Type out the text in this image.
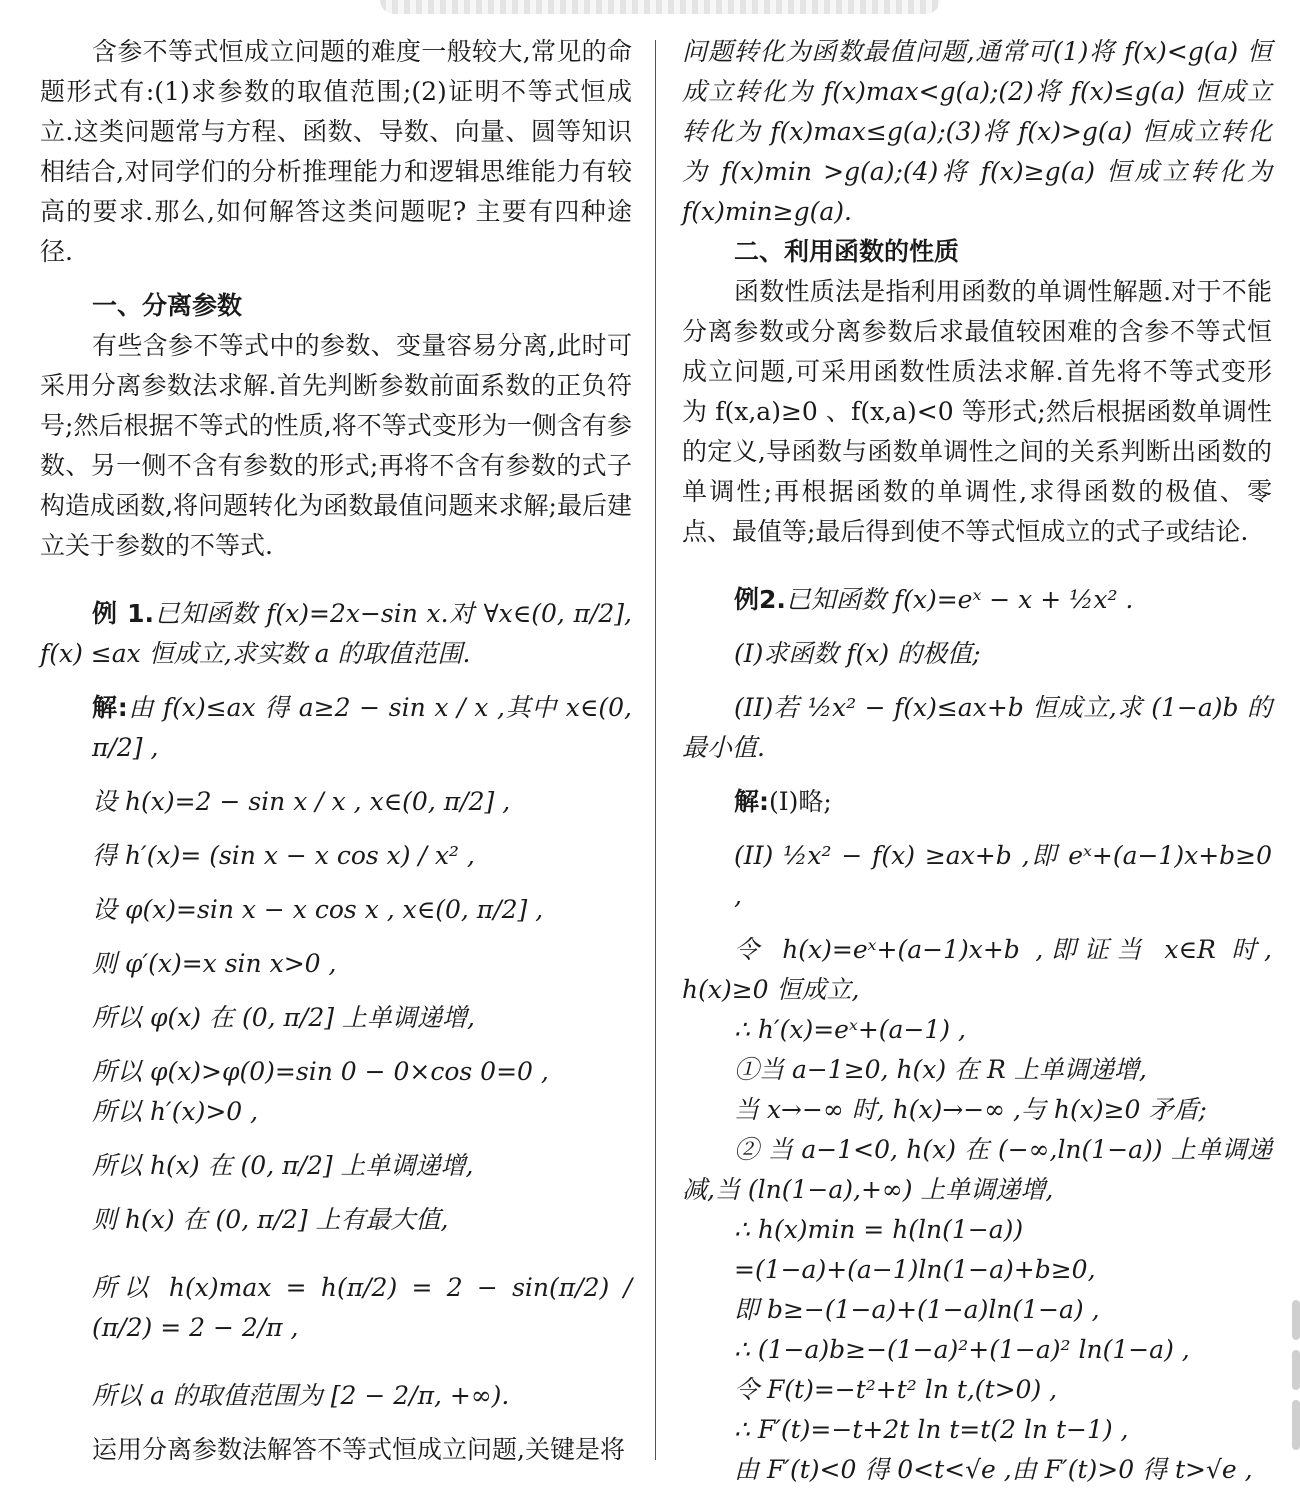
含参不等式恒成立问题的难度一般较大,常见的命题形式有:(1)求参数的取值范围;(2)证明不等式恒成立.这类问题常与方程、函数、导数、向量、圆等知识相结合,对同学们的分析推理能力和逻辑思维能力有较高的要求.那么,如何解答这类问题呢? 主要有四种途径.

一、分离参数

有些含参不等式中的参数、变量容易分离,此时可采用分离参数法求解.首先判断参数前面系数的正负符号;然后根据不等式的性质,将不等式变形为一侧含有参数、另一侧不含有参数的形式;再将不含有参数的式子构造成函数,将问题转化为函数最值问题来求解;最后建立关于参数的不等式.

例 1.已知函数 f(x)=2x−sin x.对 ∀x∈(0, π/2], f(x) ≤ax 恒成立,求实数 a 的取值范围.

解:由 f(x)≤ax 得 a≥2 − sin x / x ,其中 x∈(0, π/2] ,

设 h(x)=2 − sin x / x , x∈(0, π/2] ,

得 h′(x)= (sin x − x cos x) / x² ,

设 φ(x)=sin x − x cos x , x∈(0, π/2] ,

则 φ′(x)=x sin x>0 ,

所以 φ(x) 在 (0, π/2] 上单调递增,

所以 φ(x)>φ(0)=sin 0 − 0×cos 0=0 ,

所以 h′(x)>0 ,

所以 h(x) 在 (0, π/2] 上单调递增,

则 h(x) 在 (0, π/2] 上有最大值,

所以 h(x)max = h(π/2) = 2 − sin(π/2) / (π/2) = 2 − 2/π ,

所以 a 的取值范围为 [2 − 2/π, +∞).

运用分离参数法解答不等式恒成立问题,关键是将

问题转化为函数最值问题,通常可(1)将 f(x)<g(a) 恒成立转化为 f(x)max<g(a);(2)将 f(x)≤g(a) 恒成立转化为 f(x)max≤g(a);(3)将 f(x)>g(a) 恒成立转化为 f(x)min >g(a);(4)将 f(x)≥g(a) 恒成立转化为 f(x)min≥g(a).

二、利用函数的性质

函数性质法是指利用函数的单调性解题.对于不能分离参数或分离参数后求最值较困难的含参不等式恒成立问题,可采用函数性质法求解.首先将不等式变形为 f(x,a)≥0 、f(x,a)<0 等形式;然后根据函数单调性的定义,导函数与函数单调性之间的关系判断出函数的单调性;再根据函数的单调性,求得函数的极值、零点、最值等;最后得到使不等式恒成立的式子或结论.

例2.已知函数 f(x)=eˣ − x + ½x² .

(I)求函数 f(x) 的极值;

(II)若 ½x² − f(x)≤ax+b 恒成立,求 (1−a)b 的最小值.

解:(I)略;

(II) ½x² − f(x) ≥ax+b ,即 eˣ+(a−1)x+b≥0 ,

令 h(x)=eˣ+(a−1)x+b ,即证当 x∈R 时, h(x)≥0 恒成立,

∴ h′(x)=eˣ+(a−1) ,

①当 a−1≥0, h(x) 在 R 上单调递增,

当 x→−∞ 时, h(x)→−∞ ,与 h(x)≥0 矛盾;

② 当 a−1<0, h(x) 在 (−∞,ln(1−a)) 上单调递减,当 (ln(1−a),+∞) 上单调递增,

∴ h(x)min = h(ln(1−a))

=(1−a)+(a−1)ln(1−a)+b≥0,

即 b≥−(1−a)+(1−a)ln(1−a) ,

∴ (1−a)b≥−(1−a)²+(1−a)² ln(1−a) ,

令 F(t)=−t²+t² ln t,(t>0) ,

∴ F′(t)=−t+2t ln t=t(2 ln t−1) ,

由 F′(t)<0 得 0<t<√e ,由 F′(t)>0 得 t>√e ,
